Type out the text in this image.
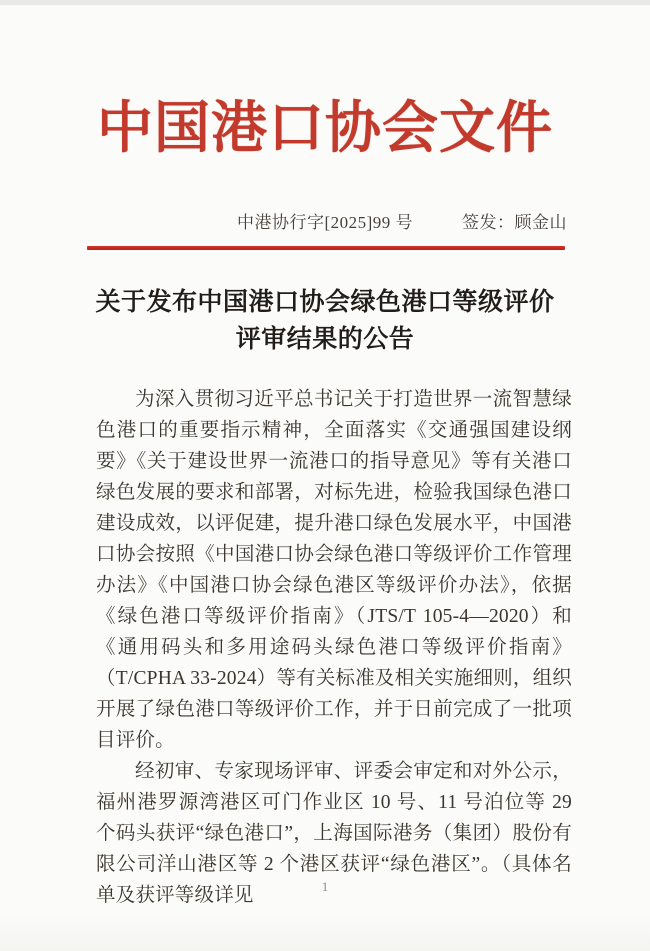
中国港口协会文件
中港协行字[2025]99 号	签发：顾金山
关于发布中国港口协会绿色港口等级评价
评审结果的公告

为深入贯彻习近平总书记关于打造世界一流智慧绿色港口的重要指示精神，全面落实《交通强国建设纲要》《关于建设世界一流港口的指导意见》等有关港口绿色发展的要求和部署，对标先进，检验我国绿色港口建设成效，以评促建，提升港口绿色发展水平，中国港口协会按照《中国港口协会绿色港口等级评价工作管理办法》《中国港口协会绿色港区等级评价办法》，依据《绿色港口等级评价指南》（JTS/T 105-4—2020）和《通用码头和多用途码头绿色港口等级评价指南》（T/CPHA 33-2024）等有关标准及相关实施细则，组织开展了绿色港口等级评价工作，并于日前完成了一批项目评价。

经初审、专家现场评审、评委会审定和对外公示，福州港罗源湾港区可门作业区 10 号、11 号泊位等 29 个码头获评“绿色港口”，上海国际港务（集团）股份有限公司洋山港区等 2 个港区获评“绿色港区”。（具体名单及获评等级详见	1
